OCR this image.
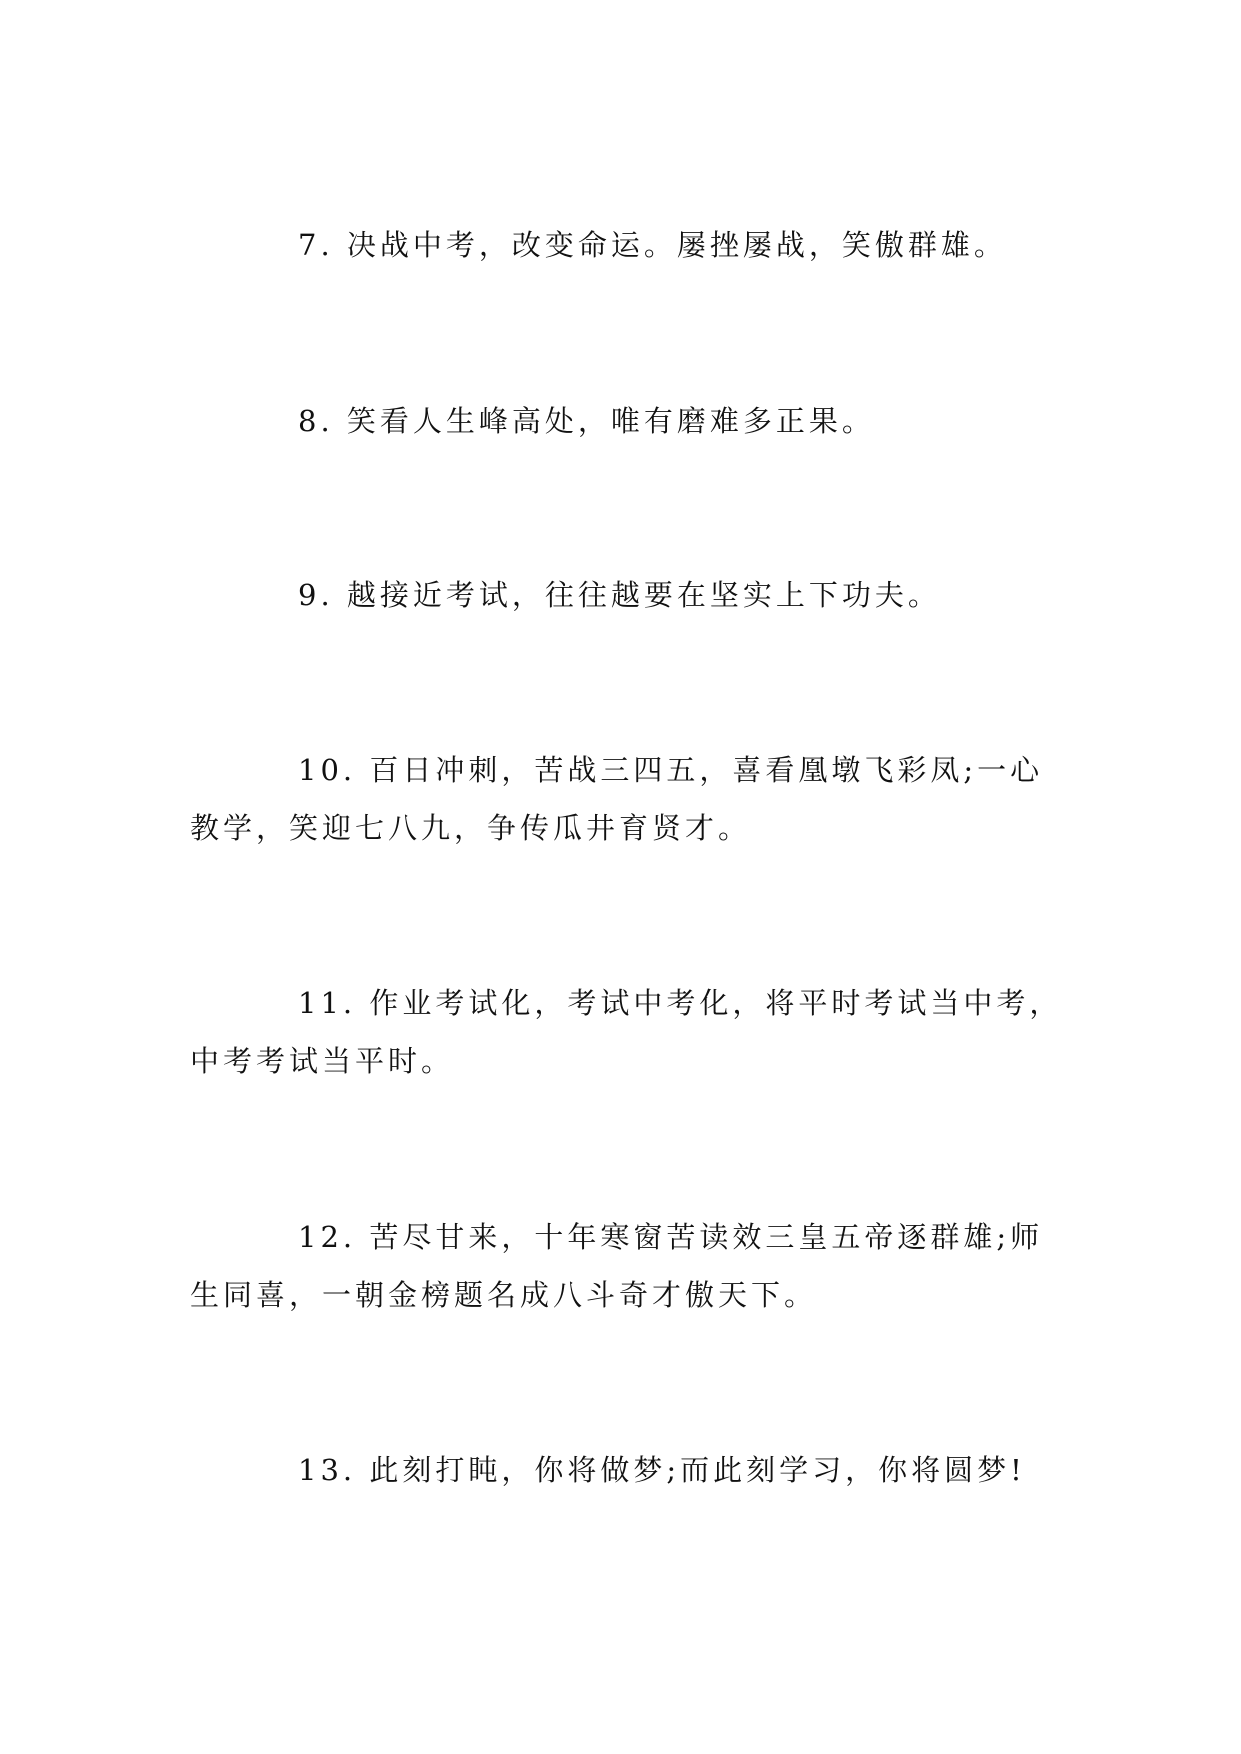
7. 决战中考，改变命运。屡挫屡战，笑傲群雄。
8. 笑看人生峰高处，唯有磨难多正果。
9. 越接近考试，往往越要在坚实上下功夫。
10. 百日冲刺，苦战三四五，喜看凰墩飞彩凤;一心
教学，笑迎七八九，争传瓜井育贤才。
11. 作业考试化，考试中考化，将平时考试当中考，
中考考试当平时。
12. 苦尽甘来，十年寒窗苦读效三皇五帝逐群雄;师
生同喜，一朝金榜题名成八斗奇才傲天下。
13. 此刻打盹，你将做梦;而此刻学习，你将圆梦!
